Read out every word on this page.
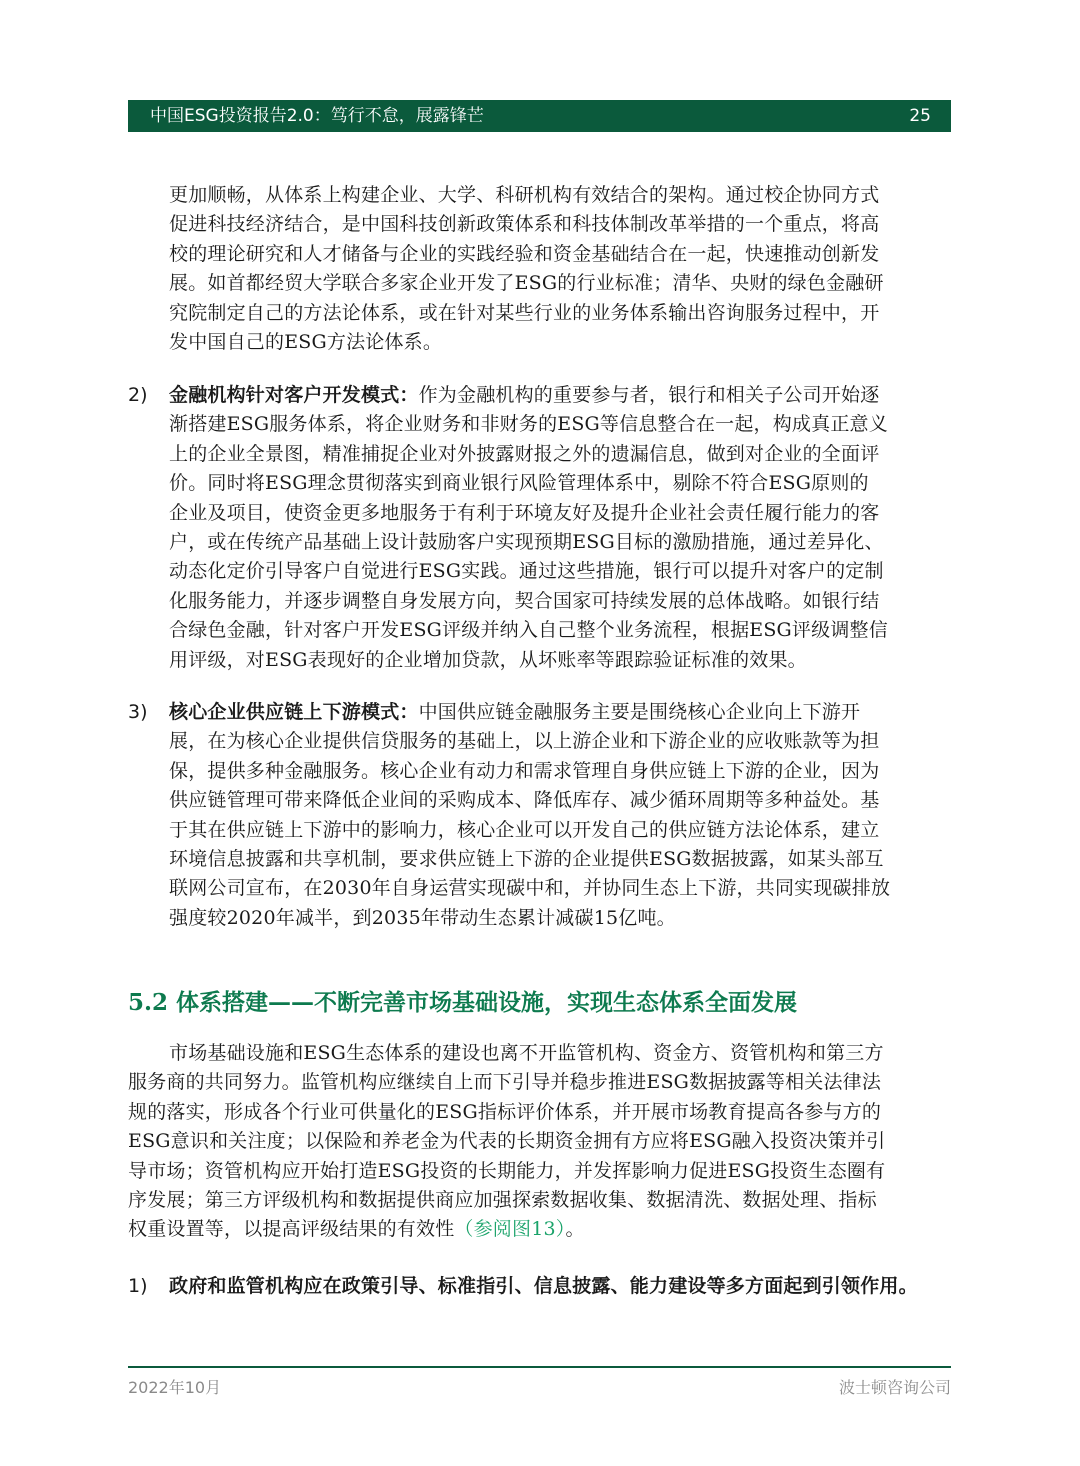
中国ESG投资报告2.0：笃行不怠，展露锋芒	25
更加顺畅，从体系上构建企业、大学、科研机构有效结合的架构。通过校企协同方式
促进科技经济结合，是中国科技创新政策体系和科技体制改革举措的一个重点，将高
校的理论研究和人才储备与企业的实践经验和资金基础结合在一起，快速推动创新发
展。如首都经贸大学联合多家企业开发了ESG的行业标准；清华、央财的绿色金融研
究院制定自己的方法论体系，或在针对某些行业的业务体系输出咨询服务过程中，开
发中国自己的ESG方法论体系。
2) 金融机构针对客户开发模式：作为金融机构的重要参与者，银行和相关子公司开始逐
渐搭建ESG服务体系，将企业财务和非财务的ESG等信息整合在一起，构成真正意义
上的企业全景图，精准捕捉企业对外披露财报之外的遗漏信息，做到对企业的全面评
价。同时将ESG理念贯彻落实到商业银行风险管理体系中，剔除不符合ESG原则的
企业及项目，使资金更多地服务于有利于环境友好及提升企业社会责任履行能力的客
户，或在传统产品基础上设计鼓励客户实现预期ESG目标的激励措施，通过差异化、
动态化定价引导客户自觉进行ESG实践。通过这些措施，银行可以提升对客户的定制
化服务能力，并逐步调整自身发展方向，契合国家可持续发展的总体战略。如银行结
合绿色金融，针对客户开发ESG评级并纳入自己整个业务流程，根据ESG评级调整信
用评级，对ESG表现好的企业增加贷款，从坏账率等跟踪验证标准的效果。
3) 核心企业供应链上下游模式：中国供应链金融服务主要是围绕核心企业向上下游开
展，在为核心企业提供信贷服务的基础上，以上游企业和下游企业的应收账款等为担
保，提供多种金融服务。核心企业有动力和需求管理自身供应链上下游的企业，因为
供应链管理可带来降低企业间的采购成本、降低库存、减少循环周期等多种益处。基
于其在供应链上下游中的影响力，核心企业可以开发自己的供应链方法论体系，建立
环境信息披露和共享机制，要求供应链上下游的企业提供ESG数据披露，如某头部互
联网公司宣布，在2030年自身运营实现碳中和，并协同生态上下游，共同实现碳排放
强度较2020年减半，到2035年带动生态累计减碳15亿吨。
5.2 体系搭建——不断完善市场基础设施，实现生态体系全面发展
市场基础设施和ESG生态体系的建设也离不开监管机构、资金方、资管机构和第三方
服务商的共同努力。监管机构应继续自上而下引导并稳步推进ESG数据披露等相关法律法
规的落实，形成各个行业可供量化的ESG指标评价体系，并开展市场教育提高各参与方的
ESG意识和关注度；以保险和养老金为代表的长期资金拥有方应将ESG融入投资决策并引
导市场；资管机构应开始打造ESG投资的长期能力，并发挥影响力促进ESG投资生态圈有
序发展；第三方评级机构和数据提供商应加强探索数据收集、数据清洗、数据处理、指标
权重设置等，以提高评级结果的有效性（参阅图13）。
1) 政府和监管机构应在政策引导、标准指引、信息披露、能力建设等多方面起到引领作用。
2022年10月	波士顿咨询公司
